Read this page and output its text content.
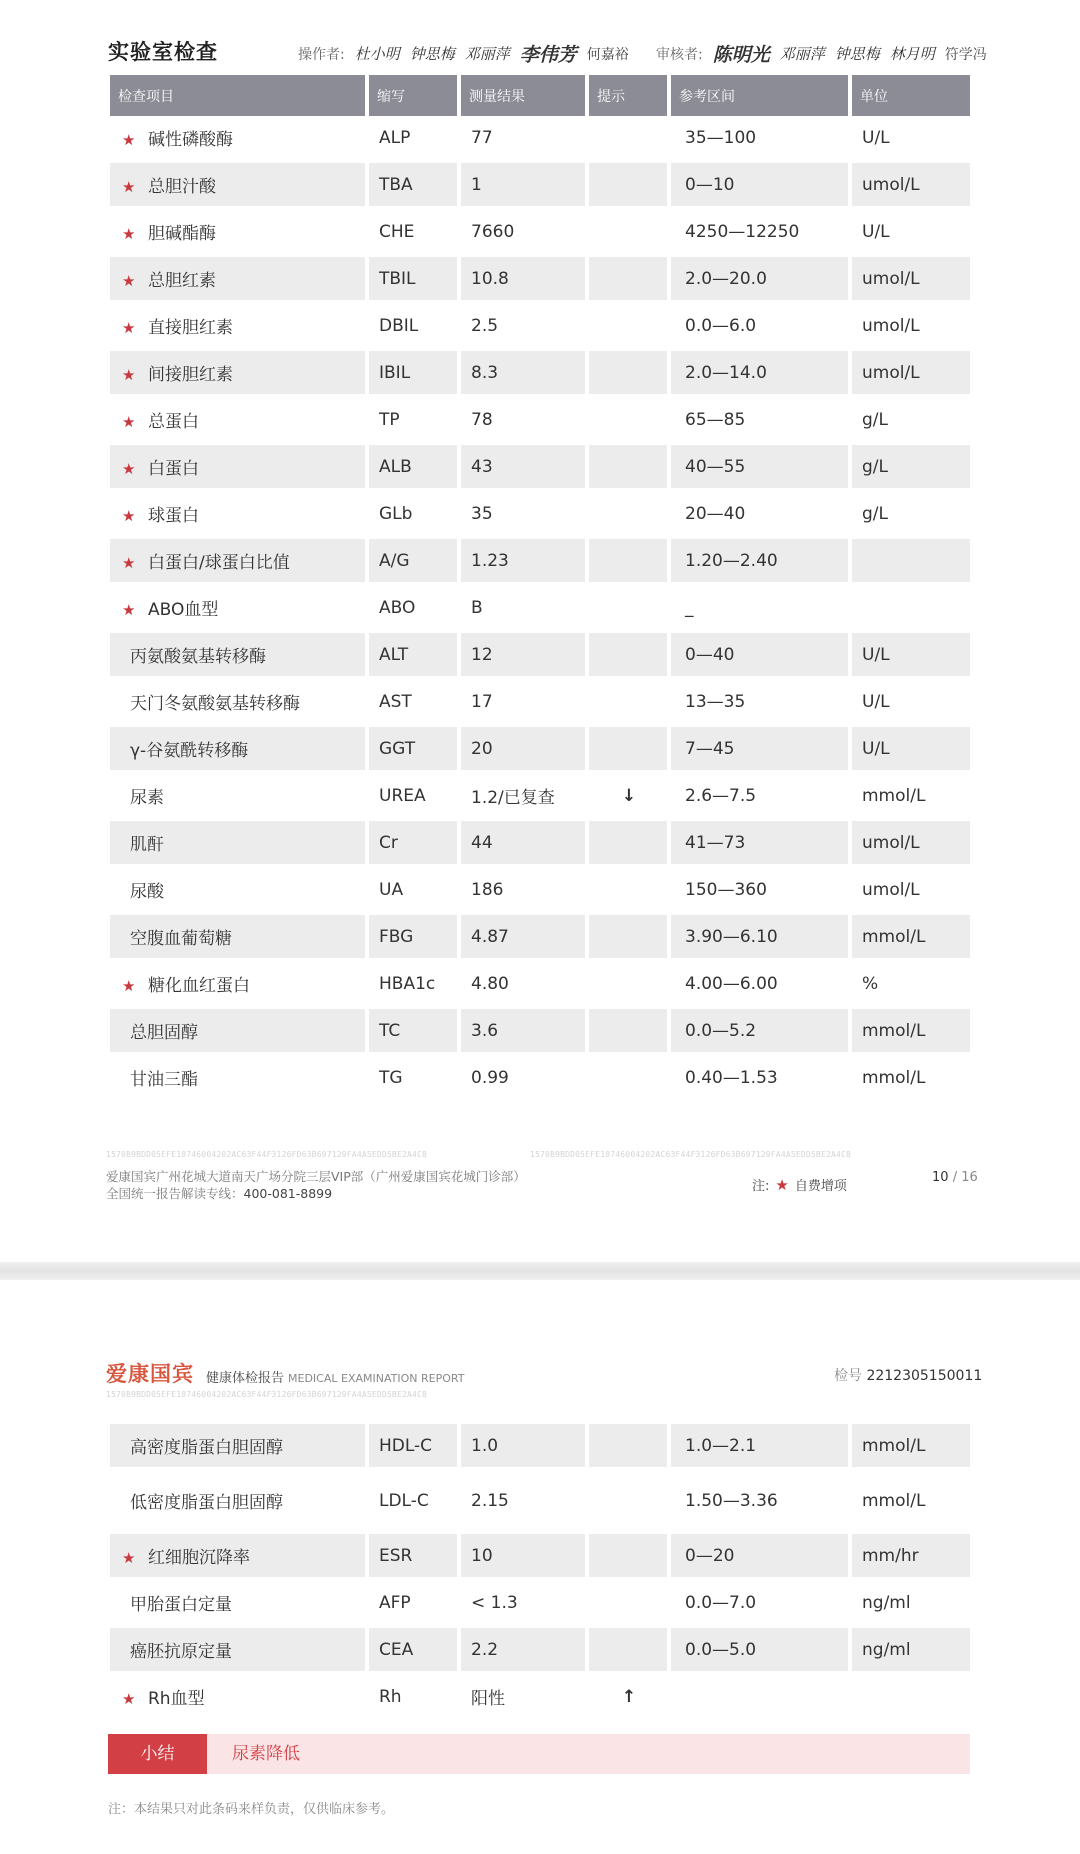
实验室检查	操作者: 杜小明 钟思梅 邓丽萍 李伟芳 何嘉裕 审核者: 陈明光 邓丽萍 钟思梅 林月明 符学冯
检查项目	缩写	测量结果	提示	参考区间	单位
★ 碱性磷酸酶	ALP	77		35—100	U/L
★ 总胆汁酸	TBA	1		0—10	umol/L
★ 胆碱酯酶	CHE	7660		4250—12250	U/L
★ 总胆红素	TBIL	10.8		2.0—20.0	umol/L
★ 直接胆红素	DBIL	2.5		0.0—6.0	umol/L
★ 间接胆红素	IBIL	8.3		2.0—14.0	umol/L
★ 总蛋白	TP	78		65—85	g/L
★ 白蛋白	ALB	43		40—55	g/L
★ 球蛋白	GLb	35		20—40	g/L
★ 白蛋白/球蛋白比值	A/G	1.23		1.20—2.40	
★ ABO血型	ABO	B		_	
丙氨酸氨基转移酶	ALT	12		0—40	U/L
天门冬氨酸氨基转移酶	AST	17		13—35	U/L
γ-谷氨酰转移酶	GGT	20		7—45	U/L
尿素	UREA	1.2/已复查	↓	2.6—7.5	mmol/L
肌酐	Cr	44		41—73	umol/L
尿酸	UA	186		150—360	umol/L
空腹血葡萄糖	FBG	4.87		3.90—6.10	mmol/L
★ 糖化血红蛋白	HBA1c	4.80		4.00—6.00	%
总胆固醇	TC	3.6		0.0—5.2	mmol/L
甘油三酯	TG	0.99		0.40—1.53	mmol/L
1570B9BDD05EFE18746004202AC63F44F3126FD63B607129FA4A5EDD5BE2A4C8	1570B9BDD05EFE18746004202AC63F44F3126FD63B607129FA4A5EDD5BE2A4C8
爱康国宾广州花城大道南天广场分院三层VIP部（广州爱康国宾花城门诊部）
全国统一报告解读专线：400-081-8899	注: ★ 自费增项
10 / 16
爱康国宾 健康体检报告 MEDICAL EXAMINATION REPORT	检号 2212305150011
1570B9BDD05EFE18746004202AC63F44F3126FD63B607129FA4A5EDD5BE2A4C8
高密度脂蛋白胆固醇	HDL-C	1.0		1.0—2.1	mmol/L
低密度脂蛋白胆固醇	LDL-C	2.15		1.50—3.36	mmol/L
★ 红细胞沉降率	ESR	10		0—20	mm/hr
甲胎蛋白定量	AFP	< 1.3		0.0—7.0	ng/ml
癌胚抗原定量	CEA	2.2		0.0—5.0	ng/ml
★ Rh血型	Rh	阳性	↑		
小结	尿素降低
注：本结果只对此条码来样负责，仅供临床参考。
